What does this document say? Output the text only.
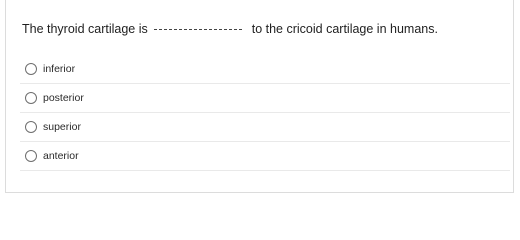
The thyroid cartilage is	to the cricoid cartilage in humans.
inferior
posterior
superior
anterior
